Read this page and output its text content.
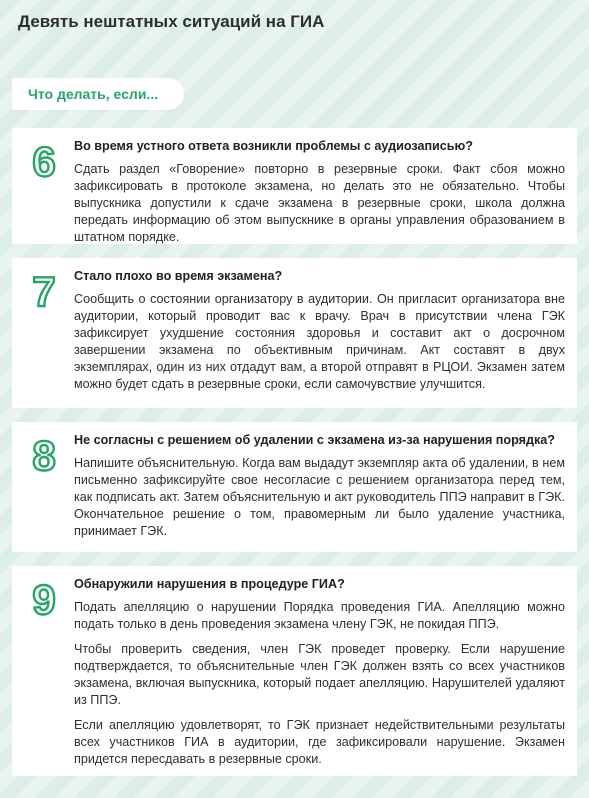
Девять нештатных ситуаций на ГИА
Что делать, если...
6 Во время устного ответа возникли проблемы с аудиозаписью?

Сдать раздел «Говорение» повторно в резервные сроки. Факт сбоя можно зафиксировать в протоколе экзамена, но делать это не обязательно. Чтобы выпускника допустили к сдаче экзамена в резервные сроки, школа должна передать информацию об этом выпускнике в органы управления образованием в штатном порядке.

7 Стало плохо во время экзамена?

Сообщить о состоянии организатору в аудитории. Он пригласит организатора вне аудитории, который проводит вас к врачу. Врач в присутствии члена ГЭК зафиксирует ухудшение состояния здоровья и составит акт о досрочном завершении экзамена по объективным причинам. Акт составят в двух экземплярах, один из них отдадут вам, а второй отправят в РЦОИ. Экзамен затем можно будет сдать в резервные сроки, если самочувствие улучшится.

8 Не согласны с решением об удалении с экзамена из-за нарушения порядка?

Напишите объяснительную. Когда вам выдадут экземпляр акта об удалении, в нем письменно зафиксируйте свое несогласие с решением организатора перед тем, как подписать акт. Затем объяснительную и акт руководитель ППЭ направит в ГЭК. Окончательное решение о том, правомерным ли было удаление участника, принимает ГЭК.

9 Обнаружили нарушения в процедуре ГИА?

Подать апелляцию о нарушении Порядка проведения ГИА. Апелляцию можно подать только в день проведения экзамена члену ГЭК, не покидая ППЭ.

Чтобы проверить сведения, член ГЭК проведет проверку. Если нарушение подтверждается, то объяснительные член ГЭК должен взять со всех участников экзамена, включая выпускника, который подает апелляцию. Нарушителей удаляют из ППЭ.

Если апелляцию удовлетворят, то ГЭК признает недействительными результаты всех участников ГИА в аудитории, где зафиксировали нарушение. Экзамен придется пересдавать в резервные сроки.
